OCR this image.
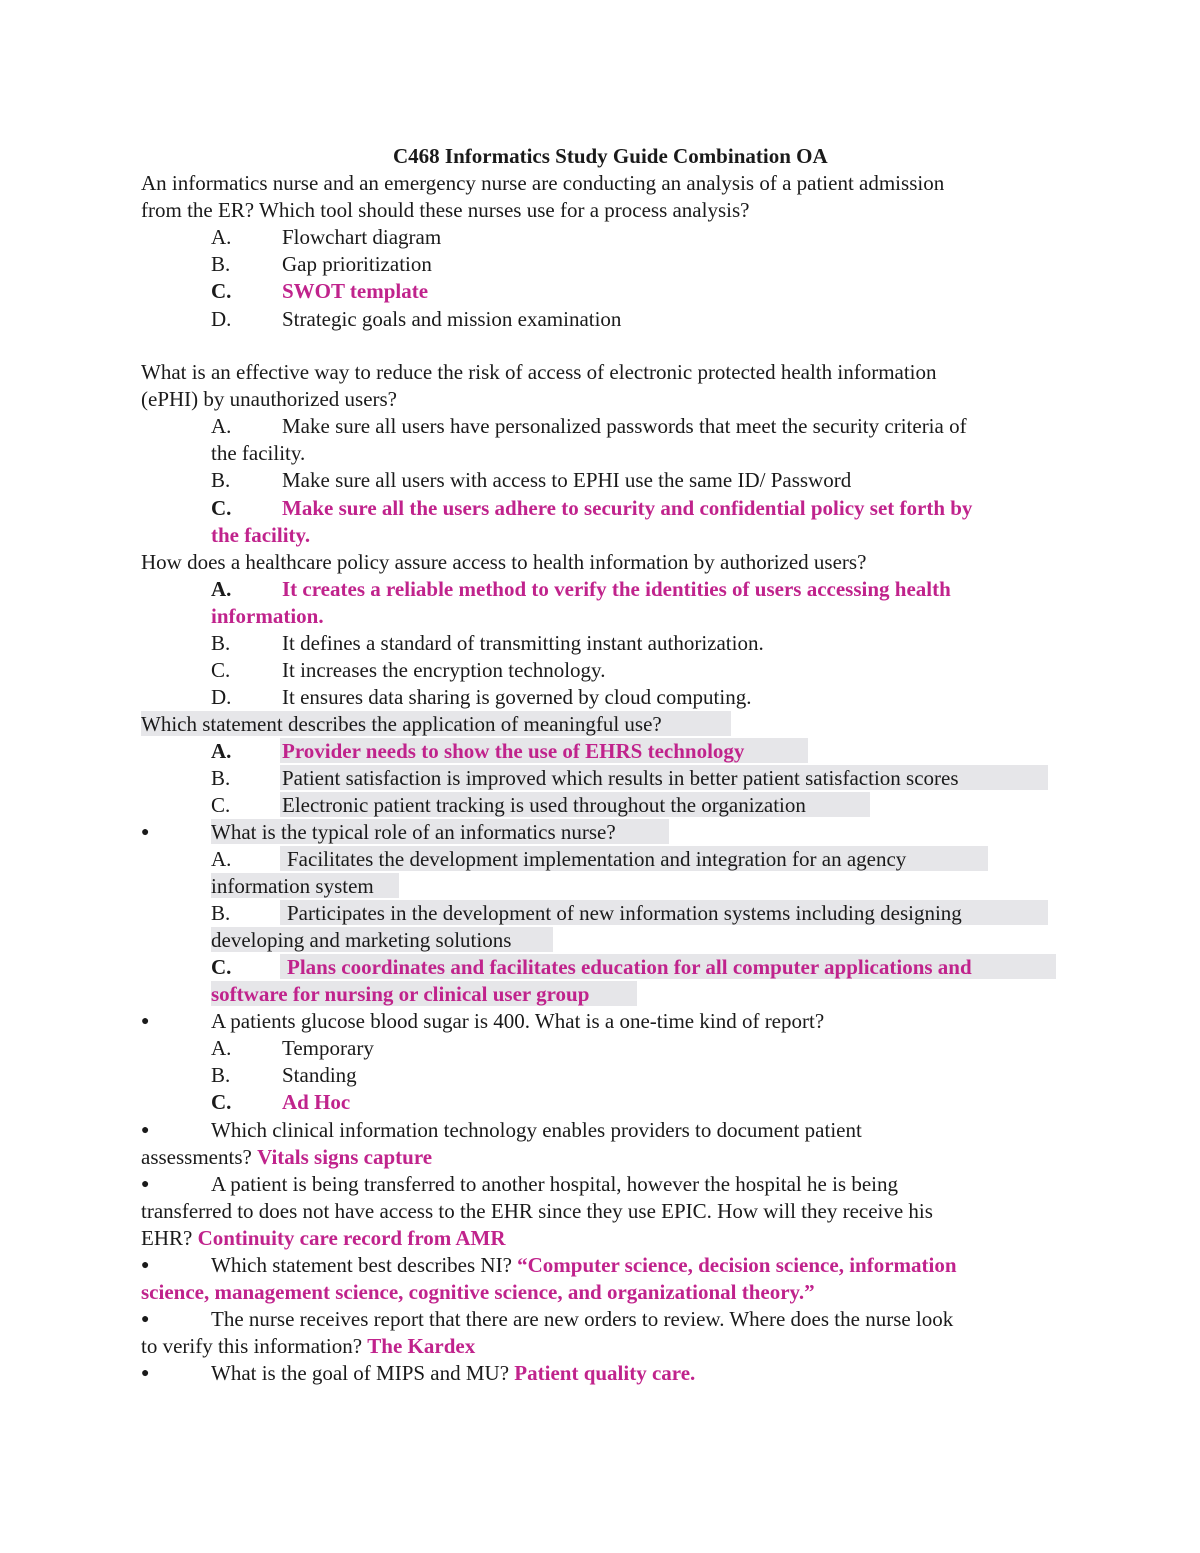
C468 Informatics Study Guide Combination OA
An informatics nurse and an emergency nurse are conducting an analysis of a patient admission
from the ER? Which tool should these nurses use for a process analysis?
A. Flowchart diagram
B. Gap prioritization
C. SWOT template
D. Strategic goals and mission examination
What is an effective way to reduce the risk of access of electronic protected health information
(ePHI) by unauthorized users?
A. Make sure all users have personalized passwords that meet the security criteria of
the facility.
B. Make sure all users with access to EPHI use the same ID/ Password
C. Make sure all the users adhere to security and confidential policy set forth by
the facility.
How does a healthcare policy assure access to health information by authorized users?
A. It creates a reliable method to verify the identities of users accessing health
information.
B. It defines a standard of transmitting instant authorization.
C. It increases the encryption technology.
D. It ensures data sharing is governed by cloud computing.
Which statement describes the application of meaningful use?
A. Provider needs to show the use of EHRS technology
B. Patient satisfaction is improved which results in better patient satisfaction scores
C. Electronic patient tracking is used throughout the organization
●	What is the typical role of an informatics nurse?
A.	Facilitates the development implementation and integration for an agency
information system
B.	Participates in the development of new information systems including designing
developing and marketing solutions
C.	Plans coordinates and facilitates education for all computer applications and
software for nursing or clinical user group
●	A patients glucose blood sugar is 400. What is a one-time kind of report?
A. Temporary
B. Standing
C. Ad Hoc
●	Which clinical information technology enables providers to document patient
assessments? Vitals signs capture
●	A patient is being transferred to another hospital, however the hospital he is being
transferred to does not have access to the EHR since they use EPIC. How will they receive his
EHR? Continuity care record from AMR
●	Which statement best describes NI? “Computer science, decision science, information
science, management science, cognitive science, and organizational theory.”
●	The nurse receives report that there are new orders to review. Where does the nurse look
to verify this information? The Kardex
●	What is the goal of MIPS and MU? Patient quality care.
